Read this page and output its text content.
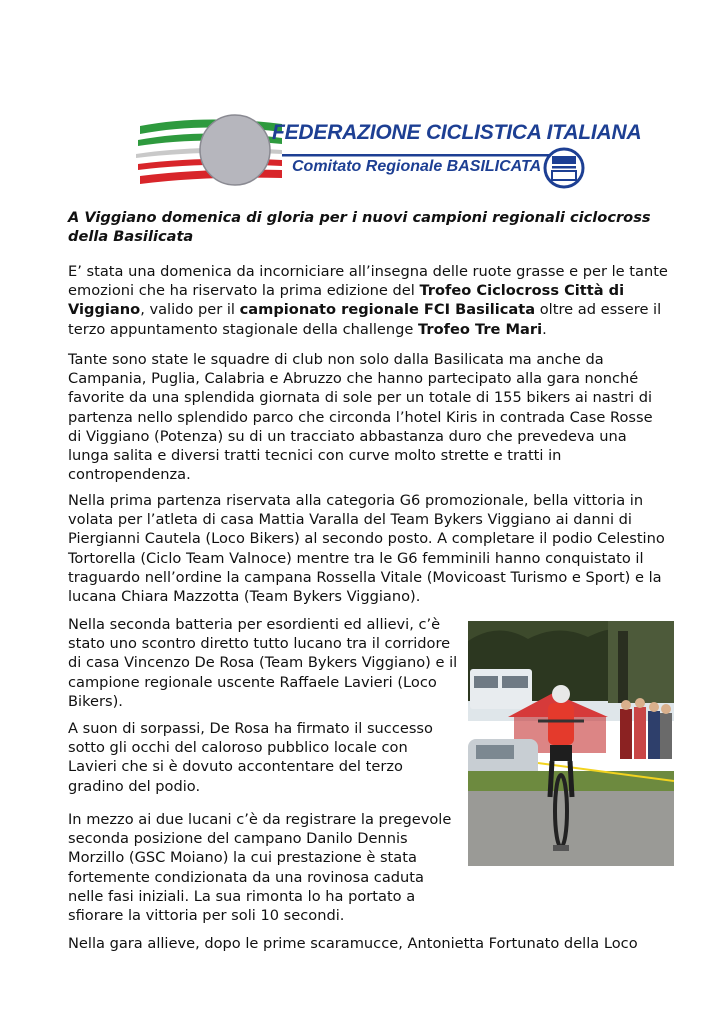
FEDERAZIONE CICLISTICA ITALIANA
Comitato Regionale BASILICATA
A Viggiano domenica di gloria per i nuovi campioni regionali ciclocross della Basilicata

E’ stata una domenica da incorniciare all’insegna delle ruote grasse e per le tante emozioni che ha riservato la prima edizione del Trofeo Ciclocross Città di Viggiano, valido per il campionato regionale FCI Basilicata oltre ad essere il terzo appuntamento stagionale della challenge Trofeo Tre Mari.

Tante sono state le squadre di club non solo dalla Basilicata ma anche da Campania, Puglia, Calabria e Abruzzo che hanno partecipato alla gara nonché favorite da una splendida giornata di sole per un totale di 155 bikers ai nastri di partenza nello splendido parco che circonda l’hotel Kiris in contrada Case Rosse di Viggiano (Potenza) su di un tracciato abbastanza duro che prevedeva una lunga salita e diversi tratti tecnici con curve molto strette e tratti in contropendenza.

Nella prima partenza riservata alla categoria G6 promozionale, bella vittoria in volata per l’atleta di casa Mattia Varalla del Team Bykers Viggiano ai danni di Piergianni Cautela (Loco Bikers) al secondo posto. A completare il podio Celestino Tortorella (Ciclo Team Valnoce) mentre tra le G6 femminili hanno conquistato il traguardo nell’ordine la campana Rossella Vitale (Movicoast Turismo e Sport) e la lucana Chiara Mazzotta (Team Bykers Viggiano).

Nella seconda batteria per esordienti ed allievi, c’è stato uno scontro diretto tutto lucano tra il corridore di casa Vincenzo De Rosa (Team Bykers Viggiano) e il campione regionale uscente Raffaele Lavieri (Loco Bikers).

A suon di sorpassi, De Rosa ha firmato il successo sotto gli occhi del caloroso pubblico locale con Lavieri che si è dovuto accontentare del terzo gradino del podio.

In mezzo ai due lucani c’è da registrare la pregevole seconda posizione del campano Danilo Dennis Morzillo (GSC Moiano) la cui prestazione è stata fortemente condizionata da una rovinosa caduta nelle fasi iniziali. La sua rimonta lo ha portato a sfiorare la vittoria per soli 10 secondi.

Nella gara allieve, dopo le prime scaramucce, Antonietta Fortunato della Loco
